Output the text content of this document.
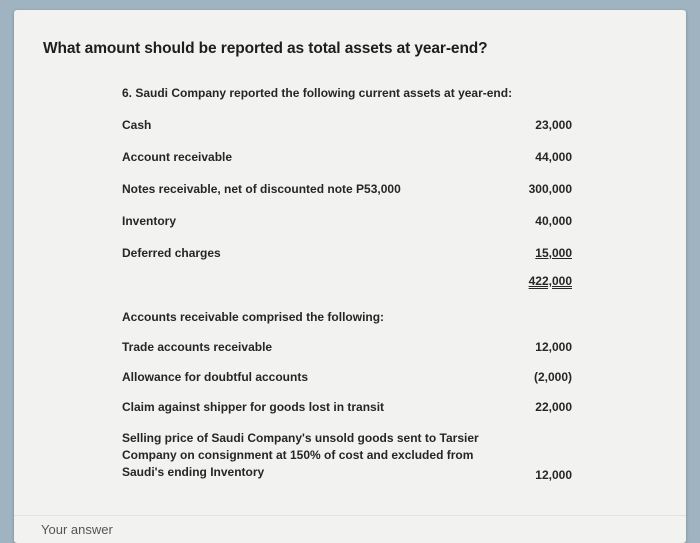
What amount should be reported as total assets at year-end?
6. Saudi Company reported the following current assets at year-end:
Cash	23,000
Account receivable	44,000
Notes receivable, net of discounted note P53,000	300,000
Inventory	40,000
Deferred charges	15,000
422,000
Accounts receivable comprised the following:
Trade accounts receivable	12,000
Allowance for doubtful accounts	(2,000)
Claim against shipper for goods lost in transit	22,000
Selling price of Saudi Company's unsold goods sent to Tarsier Company on consignment at 150% of cost and excluded from Saudi's ending Inventory	12,000
Your answer
